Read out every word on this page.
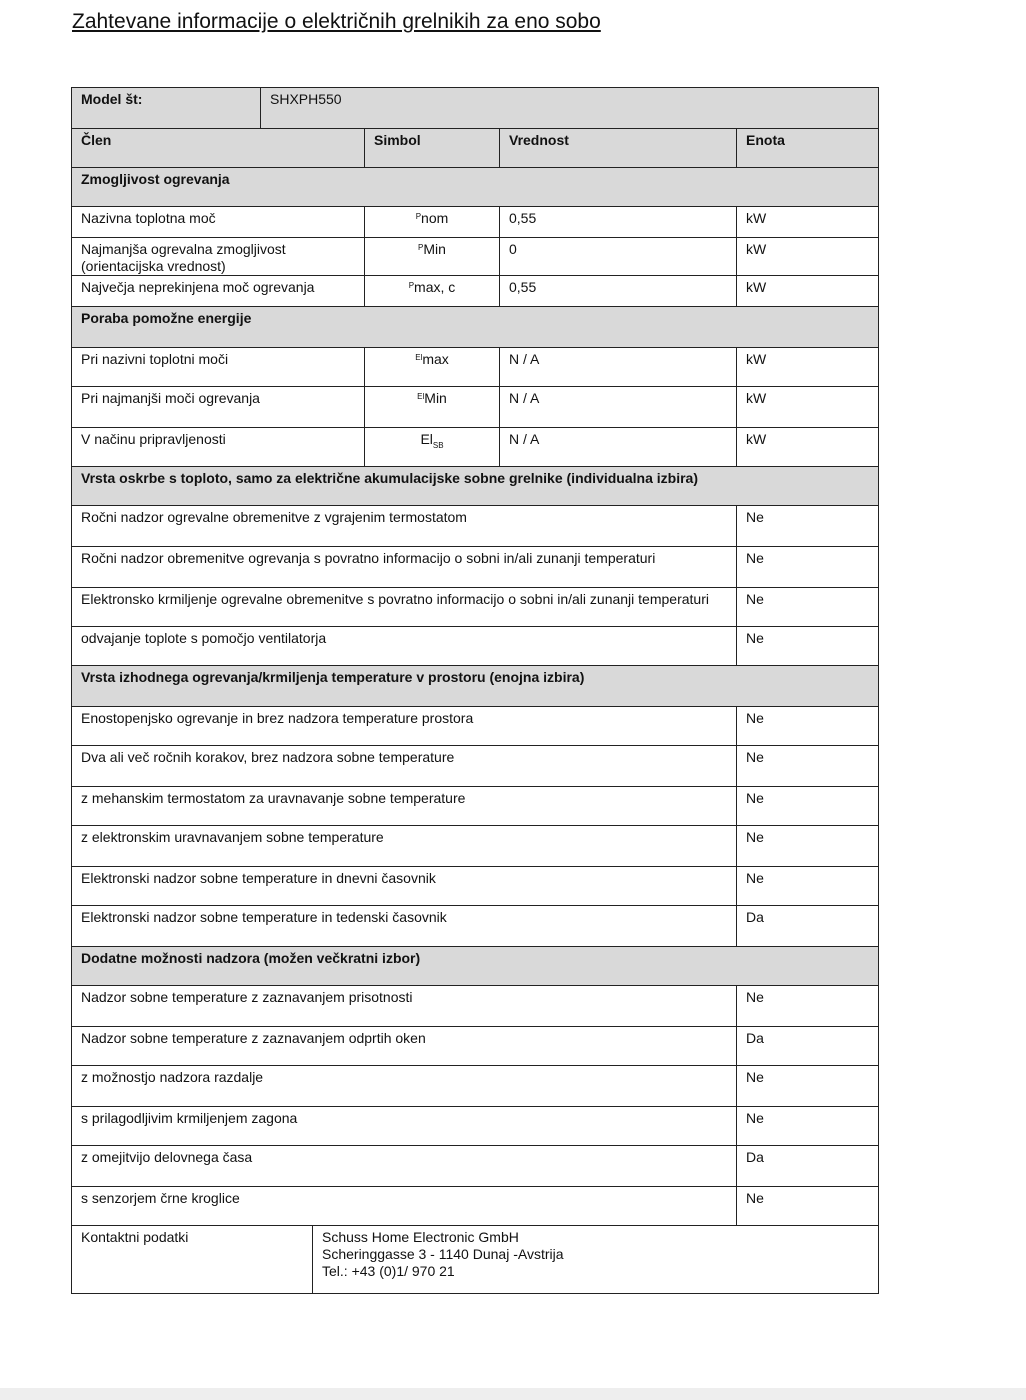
Zahtevane informacije o električnih grelnikih za eno sobo
Model št:	SHXPH550				
Člen			Simbol	Vrednost	Enota
Zmogljivost ogrevanja					
Nazivna toplotna moč			$^P$nom	0,55	kW
Najmanjša ogrevalna zmogljivost (orientacijska vrednost)			$^P$Min	0	kW
Največja neprekinjena moč ogrevanja			$^P$max, c	0,55	kW
Poraba pomožne energije					
Pri nazivni toplotni moči			$^{El}$max	N / A	kW
Pri najmanjši moči ogrevanja			$^{El}$Min	N / A	kW
V načinu pripravljenosti			$El_{SB}$	N / A	kW
Vrsta oskrbe s toploto, samo za električne akumulacijske sobne grelnike (individualna izbira)					
Ročni nadzor ogrevalne obremenitve z vgrajenim termostatom					Ne
Ročni nadzor obremenitve ogrevanja s povratno informacijo o sobni in/ali zunanji temperaturi					Ne
Elektronsko krmiljenje ogrevalne obremenitve s povratno informacijo o sobni in/ali zunanji temperaturi					Ne
odvajanje toplote s pomočjo ventilatorja					Ne
Vrsta izhodnega ogrevanja/krmiljenja temperature v prostoru (enojna izbira)					
Enostopenjsko ogrevanje in brez nadzora temperature prostora					Ne
Dva ali več ročnih korakov, brez nadzora sobne temperature					Ne
z mehanskim termostatom za uravnavanje sobne temperature					Ne
z elektronskim uravnavanjem sobne temperature					Ne
Elektronski nadzor sobne temperature in dnevni časovnik					Ne
Elektronski nadzor sobne temperature in tedenski časovnik					Da
Dodatne možnosti nadzora (možen večkratni izbor)					
Nadzor sobne temperature z zaznavanjem prisotnosti					Ne
Nadzor sobne temperature z zaznavanjem odprtih oken					Da
z možnostjo nadzora razdalje					Ne
s prilagodljivim krmiljenjem zagona					Ne
z omejitvijo delovnega časa					Da
s senzorjem črne kroglice					Ne
Kontaktni podatki		Schuss Home Electronic GmbH
Scheringgasse 3 - 1140 Dunaj -Avstrija
Tel.: +43 (0)1/ 970 21			
